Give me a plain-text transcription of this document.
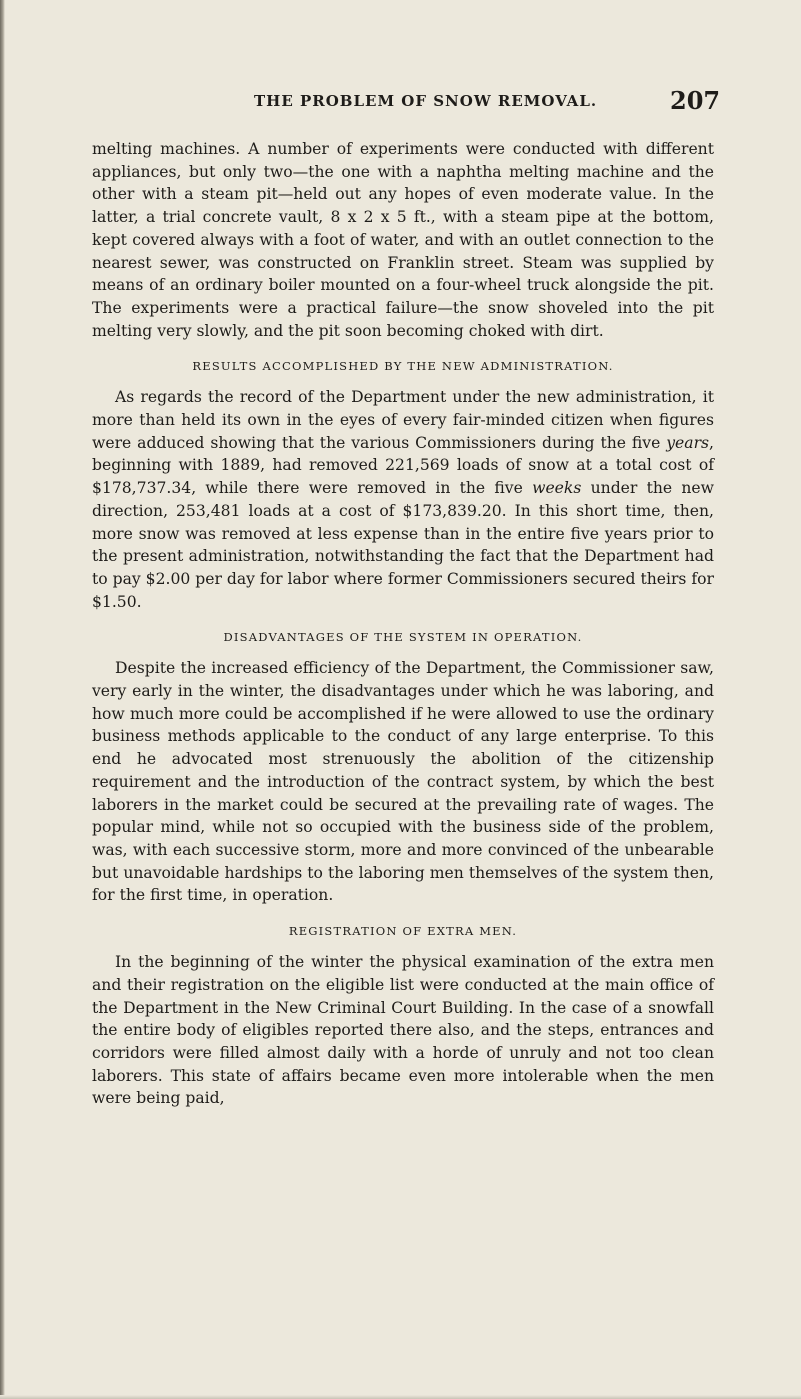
THE PROBLEM OF SNOW REMOVAL.	207

melting machines. A number of experiments were conducted with different appliances, but only two—the one with a naphtha melting machine and the other with a steam pit—held out any hopes of even moderate value. In the latter, a trial concrete vault, 8 x 2 x 5 ft., with a steam pipe at the bottom, kept covered always with a foot of water, and with an outlet connection to the nearest sewer, was constructed on Franklin street. Steam was supplied by means of an ordinary boiler mounted on a four-wheel truck alongside the pit. The experiments were a practical failure—the snow shoveled into the pit melting very slowly, and the pit soon becoming choked with dirt.

RESULTS ACCOMPLISHED BY THE NEW ADMINISTRATION.

As regards the record of the Department under the new administration, it more than held its own in the eyes of every fair-minded citizen when figures were adduced showing that the various Commissioners during the five years, beginning with 1889, had removed 221,569 loads of snow at a total cost of $178,737.34, while there were removed in the five weeks under the new direction, 253,481 loads at a cost of $173,839.20. In this short time, then, more snow was removed at less expense than in the entire five years prior to the present administration, notwithstanding the fact that the Department had to pay $2.00 per day for labor where former Commissioners secured theirs for $1.50.

DISADVANTAGES OF THE SYSTEM IN OPERATION.

Despite the increased efficiency of the Department, the Commissioner saw, very early in the winter, the disadvantages under which he was laboring, and how much more could be accomplished if he were allowed to use the ordinary business methods applicable to the conduct of any large enterprise. To this end he advocated most strenuously the abolition of the citizenship requirement and the introduction of the contract system, by which the best laborers in the market could be secured at the prevailing rate of wages. The popular mind, while not so occupied with the business side of the problem, was, with each successive storm, more and more convinced of the unbearable but unavoidable hardships to the laboring men themselves of the system then, for the first time, in operation.

REGISTRATION OF EXTRA MEN.

In the beginning of the winter the physical examination of the extra men and their registration on the eligible list were conducted at the main office of the Department in the New Criminal Court Building. In the case of a snowfall the entire body of eligibles reported there also, and the steps, entrances and corridors were filled almost daily with a horde of unruly and not too clean laborers. This state of affairs became even more intolerable when the men were being paid,
